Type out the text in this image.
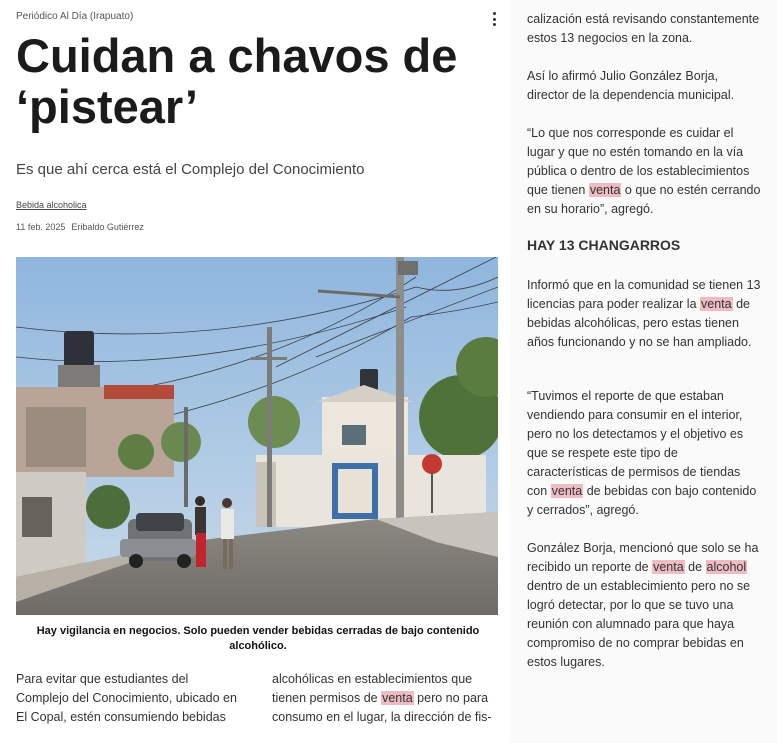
Periódico Al Día (Irapuato)
Cuidan a chavos de ‘pistear’

Es que ahí cerca está el Complejo del Conocimiento

Bebida alcoholica
11 feb. 2025 Eribaldo Gutiérrez

Hay vigilancia en negocios. Solo pueden vender bebidas cerradas de bajo contenido alcohólico.

Para evitar que estudiantes del Complejo del Conocimiento, ubicado en El Copal, estén consumiendo bebidas

alcohólicas en establecimientos que tienen permisos de venta pero no para consumo en el lugar, la dirección de fis-

calización está revisando constantemente estos 13 negocios en la zona.

Así lo afirmó Julio González Borja, director de la dependencia municipal.

“Lo que nos corresponde es cuidar el lugar y que no estén tomando en la vía pública o dentro de los establecimientos que tienen venta o que no estén cerrando en su horario”, agregó.

HAY 13 CHANGARROS

Informó que en la comunidad se tienen 13 licencias para poder realizar la venta de bebidas alcohólicas, pero estas tienen años funcionando y no se han ampliado.

“Tuvimos el reporte de que estaban vendiendo para consumir en el interior, pero no los detectamos y el objetivo es que se respete este tipo de características de permisos de tiendas con venta de bebidas con bajo contenido y cerrados”, agregó.

González Borja, mencionó que solo se ha recibido un reporte de venta de alcohol dentro de un establecimiento pero no se logró detectar, por lo que se tuvo una reunión con alumnado para que haya compromiso de no comprar bebidas en estos lugares.
